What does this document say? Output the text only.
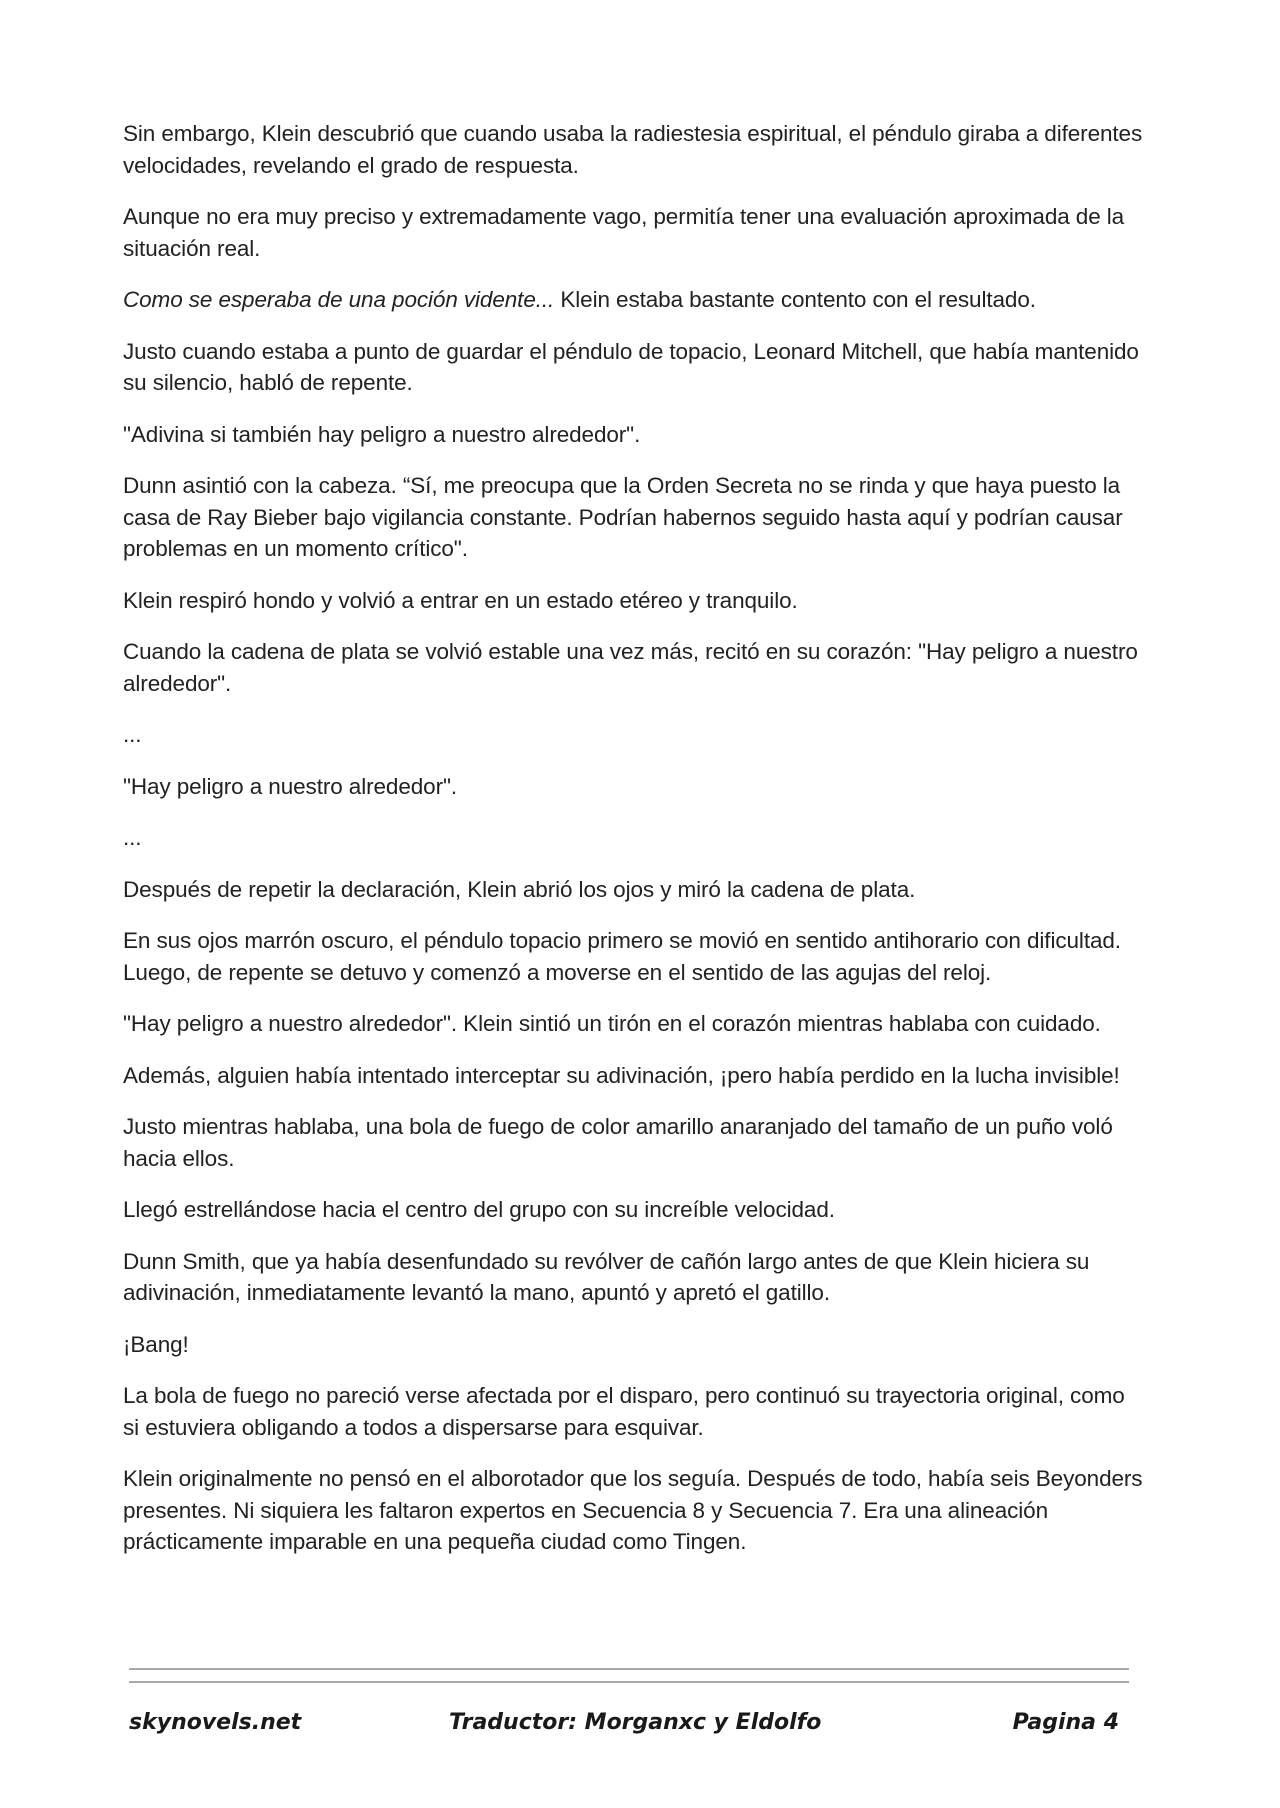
Sin embargo, Klein descubrió que cuando usaba la radiestesia espiritual, el péndulo giraba a diferentes velocidades, revelando el grado de respuesta.

Aunque no era muy preciso y extremadamente vago, permitía tener una evaluación aproximada de la situación real.

Como se esperaba de una poción vidente... Klein estaba bastante contento con el resultado.

Justo cuando estaba a punto de guardar el péndulo de topacio, Leonard Mitchell, que había mantenido su silencio, habló de repente.

"Adivina si también hay peligro a nuestro alrededor".

Dunn asintió con la cabeza. “Sí, me preocupa que la Orden Secreta no se rinda y que haya puesto la casa de Ray Bieber bajo vigilancia constante. Podrían habernos seguido hasta aquí y podrían causar problemas en un momento crítico".

Klein respiró hondo y volvió a entrar en un estado etéreo y tranquilo.

Cuando la cadena de plata se volvió estable una vez más, recitó en su corazón: "Hay peligro a nuestro alrededor".

...

"Hay peligro a nuestro alrededor".

...

Después de repetir la declaración, Klein abrió los ojos y miró la cadena de plata.

En sus ojos marrón oscuro, el péndulo topacio primero se movió en sentido antihorario con dificultad. Luego, de repente se detuvo y comenzó a moverse en el sentido de las agujas del reloj.

"Hay peligro a nuestro alrededor". Klein sintió un tirón en el corazón mientras hablaba con cuidado.

Además, alguien había intentado interceptar su adivinación, ¡pero había perdido en la lucha invisible!

Justo mientras hablaba, una bola de fuego de color amarillo anaranjado del tamaño de un puño voló hacia ellos.

Llegó estrellándose hacia el centro del grupo con su increíble velocidad.

Dunn Smith, que ya había desenfundado su revólver de cañón largo antes de que Klein hiciera su adivinación, inmediatamente levantó la mano, apuntó y apretó el gatillo.

¡Bang!

La bola de fuego no pareció verse afectada por el disparo, pero continuó su trayectoria original, como si estuviera obligando a todos a dispersarse para esquivar.

Klein originalmente no pensó en el alborotador que los seguía. Después de todo, había seis Beyonders presentes. Ni siquiera les faltaron expertos en Secuencia 8 y Secuencia 7. Era una alineación prácticamente imparable en una pequeña ciudad como Tingen.

skynovels.net	Traductor: Morganxc y Eldolfo	Pagina 4
